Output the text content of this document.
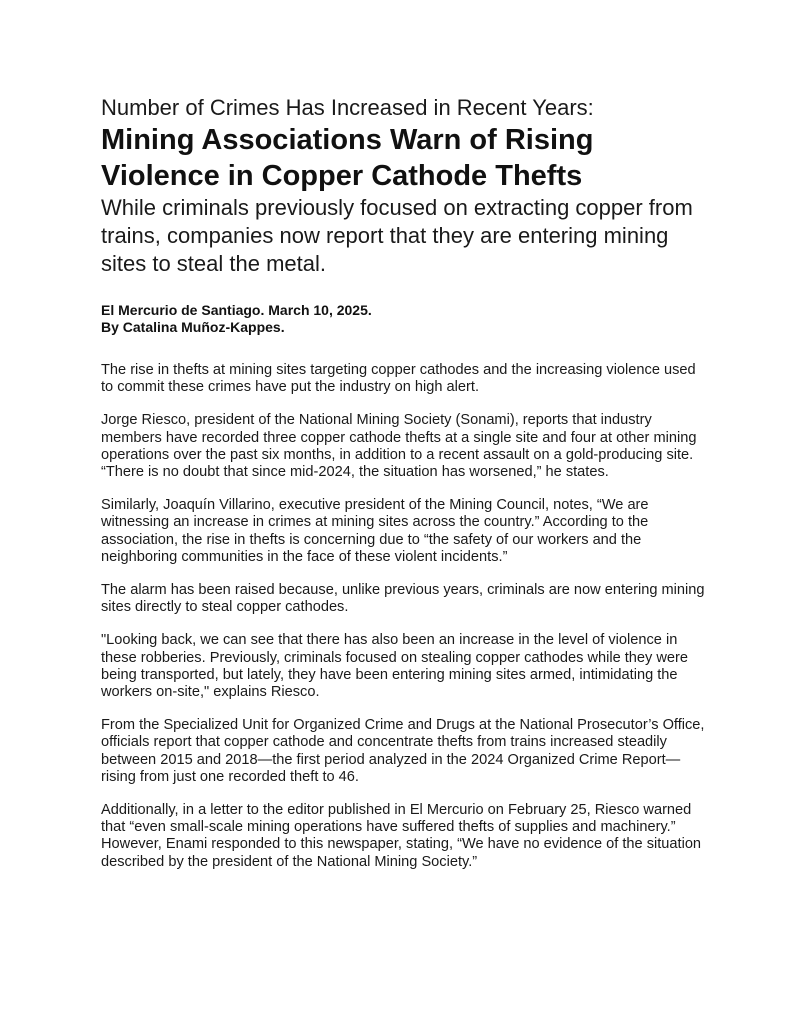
Number of Crimes Has Increased in Recent Years:
Mining Associations Warn of Rising Violence in Copper Cathode Thefts

While criminals previously focused on extracting copper from trains, companies now report that they are entering mining sites to steal the metal.

El Mercurio de Santiago. March 10, 2025.
By Catalina Muñoz-Kappes.

The rise in thefts at mining sites targeting copper cathodes and the increasing violence used to commit these crimes have put the industry on high alert.

Jorge Riesco, president of the National Mining Society (Sonami), reports that industry members have recorded three copper cathode thefts at a single site and four at other mining operations over the past six months, in addition to a recent assault on a gold-producing site. “There is no doubt that since mid-2024, the situation has worsened,” he states.

Similarly, Joaquín Villarino, executive president of the Mining Council, notes, “We are witnessing an increase in crimes at mining sites across the country.” According to the association, the rise in thefts is concerning due to “the safety of our workers and the neighboring communities in the face of these violent incidents.”

The alarm has been raised because, unlike previous years, criminals are now entering mining sites directly to steal copper cathodes.

"Looking back, we can see that there has also been an increase in the level of violence in these robberies. Previously, criminals focused on stealing copper cathodes while they were being transported, but lately, they have been entering mining sites armed, intimidating the workers on-site," explains Riesco.

From the Specialized Unit for Organized Crime and Drugs at the National Prosecutor’s Office, officials report that copper cathode and concentrate thefts from trains increased steadily between 2015 and 2018—the first period analyzed in the 2024 Organized Crime Report—rising from just one recorded theft to 46.

Additionally, in a letter to the editor published in El Mercurio on February 25, Riesco warned that “even small-scale mining operations have suffered thefts of supplies and machinery.” However, Enami responded to this newspaper, stating, “We have no evidence of the situation described by the president of the National Mining Society.”
